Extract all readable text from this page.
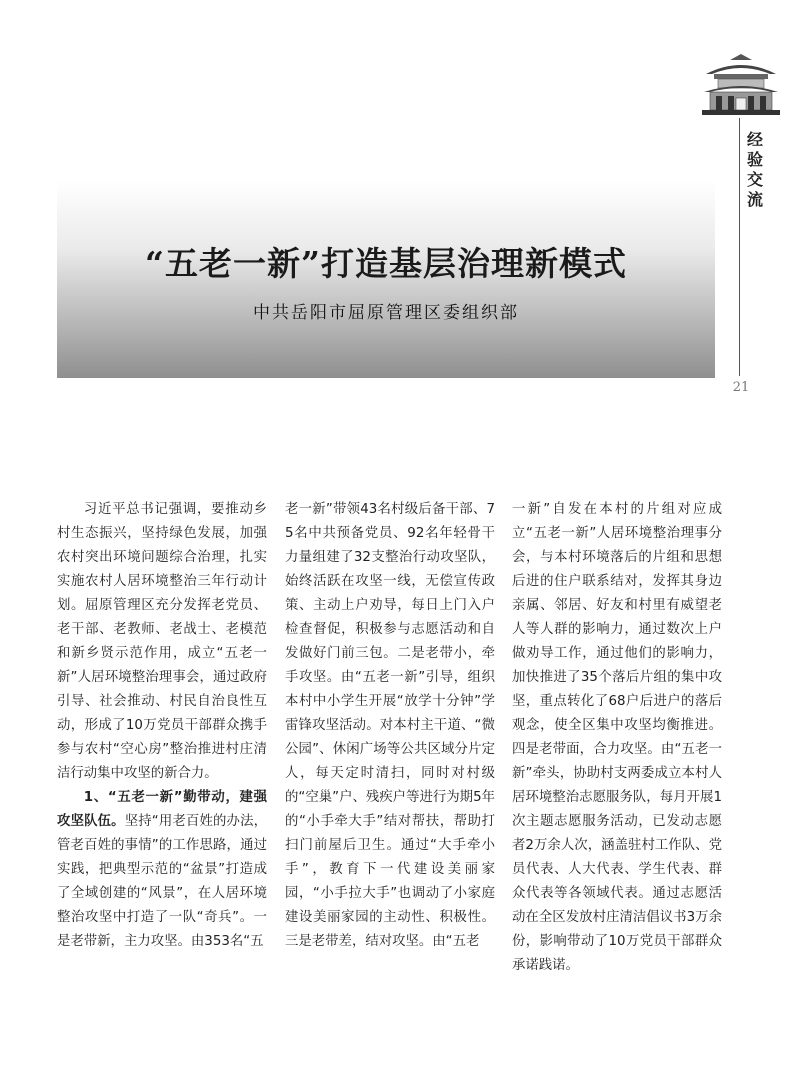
经验交流
21
“五老一新”打造基层治理新模式
中共岳阳市屈原管理区委组织部

习近平总书记强调，要推动乡村生态振兴，坚持绿色发展，加强农村突出环境问题综合治理，扎实实施农村人居环境整治三年行动计划。屈原管理区充分发挥老党员、老干部、老教师、老战士、老模范和新乡贤示范作用，成立“五老一新”人居环境整治理事会，通过政府引导、社会推动、村民自治良性互动，形成了10万党员干部群众携手参与农村“空心房”整治推进村庄清洁行动集中攻坚的新合力。

1、“五老一新”勤带动，建强攻坚队伍。坚持“用老百姓的办法，管老百姓的事情”的工作思路，通过实践，把典型示范的“盆景”打造成了全域创建的“风景”，在人居环境整治攻坚中打造了一队“奇兵”。一是老带新，主力攻坚。由353名“五

老一新”带领43名村级后备干部、75名中共预备党员、92名年轻骨干力量组建了32支整治行动攻坚队，始终活跃在攻坚一线，无偿宣传政策、主动上户劝导，每日上门入户检查督促，积极参与志愿活动和自发做好门前三包。二是老带小，牵手攻坚。由“五老一新”引导，组织本村中小学生开展“放学十分钟”学雷锋攻坚活动。对本村主干道、“微公园”、休闲广场等公共区域分片定人，每天定时清扫，同时对村级的“空巢”户、残疾户等进行为期5年的“小手牵大手”结对帮扶，帮助打扫门前屋后卫生。通过“大手牵小手”，教育下一代建设美丽家园，“小手拉大手”也调动了小家庭建设美丽家园的主动性、积极性。三是老带差，结对攻坚。由“五老

一新”自发在本村的片组对应成立“五老一新”人居环境整治理事分会，与本村环境落后的片组和思想后进的住户联系结对，发挥其身边亲属、邻居、好友和村里有威望老人等人群的影响力，通过数次上户做劝导工作，通过他们的影响力，加快推进了35个落后片组的集中攻坚，重点转化了68户后进户的落后观念，使全区集中攻坚均衡推进。四是老带面，合力攻坚。由“五老一新”牵头，协助村支两委成立本村人居环境整治志愿服务队，每月开展1次主题志愿服务活动，已发动志愿者2万余人次，涵盖驻村工作队、党员代表、人大代表、学生代表、群众代表等各领域代表。通过志愿活动在全区发放村庄清洁倡议书3万余份，影响带动了10万党员干部群众承诺践诺。
